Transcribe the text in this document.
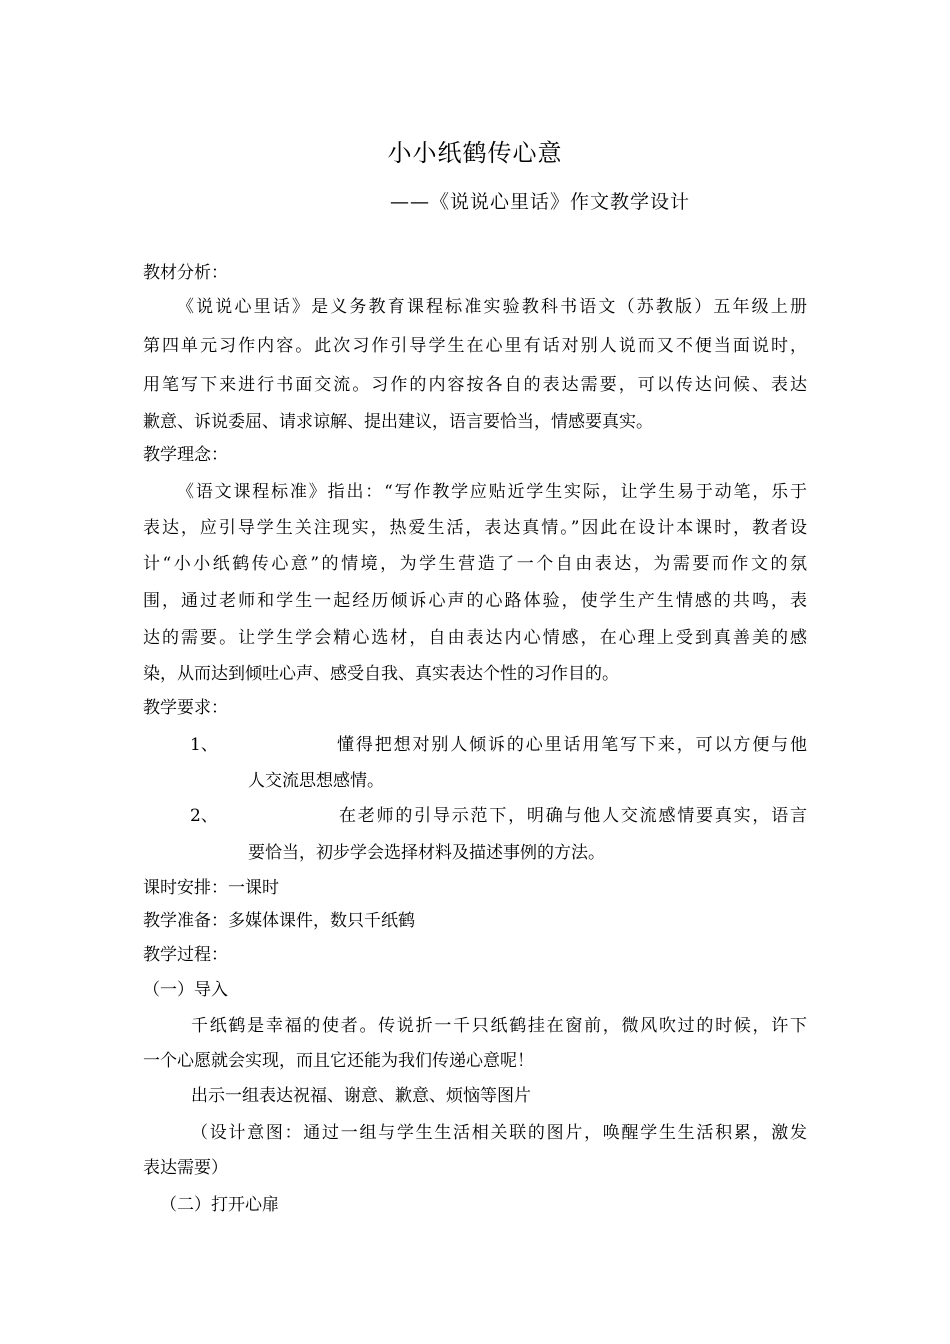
小小纸鹤传心意
——《说说心里话》作文教学设计
教材分析：
《说说心里话》是义务教育课程标准实验教科书语文（苏教版）五年级上册
第四单元习作内容。此次习作引导学生在心里有话对别人说而又不便当面说时，
用笔写下来进行书面交流。习作的内容按各自的表达需要，可以传达问候、表达
歉意、诉说委屈、请求谅解、提出建议，语言要恰当，情感要真实。
教学理念：
《语文课程标准》指出：“写作教学应贴近学生实际，让学生易于动笔，乐于
表达，应引导学生关注现实，热爱生活，表达真情。”因此在设计本课时，教者设
计“小小纸鹤传心意”的情境，为学生营造了一个自由表达，为需要而作文的氛
围，通过老师和学生一起经历倾诉心声的心路体验，使学生产生情感的共鸣，表
达的需要。让学生学会精心选材，自由表达内心情感，在心理上受到真善美的感
染，从而达到倾吐心声、感受自我、真实表达个性的习作目的。
教学要求：
1、	懂得把想对别人倾诉的心里话用笔写下来，可以方便与他
人交流思想感情。
2、	在老师的引导示范下，明确与他人交流感情要真实，语言
要恰当，初步学会选择材料及描述事例的方法。
课时安排：一课时
教学准备：多媒体课件，数只千纸鹤
教学过程：
（一）导入
千纸鹤是幸福的使者。传说折一千只纸鹤挂在窗前，微风吹过的时候，许下
一个心愿就会实现，而且它还能为我们传递心意呢！
出示一组表达祝福、谢意、歉意、烦恼等图片
（设计意图：通过一组与学生生活相关联的图片，唤醒学生生活积累，激发
表达需要）
（二）打开心扉
